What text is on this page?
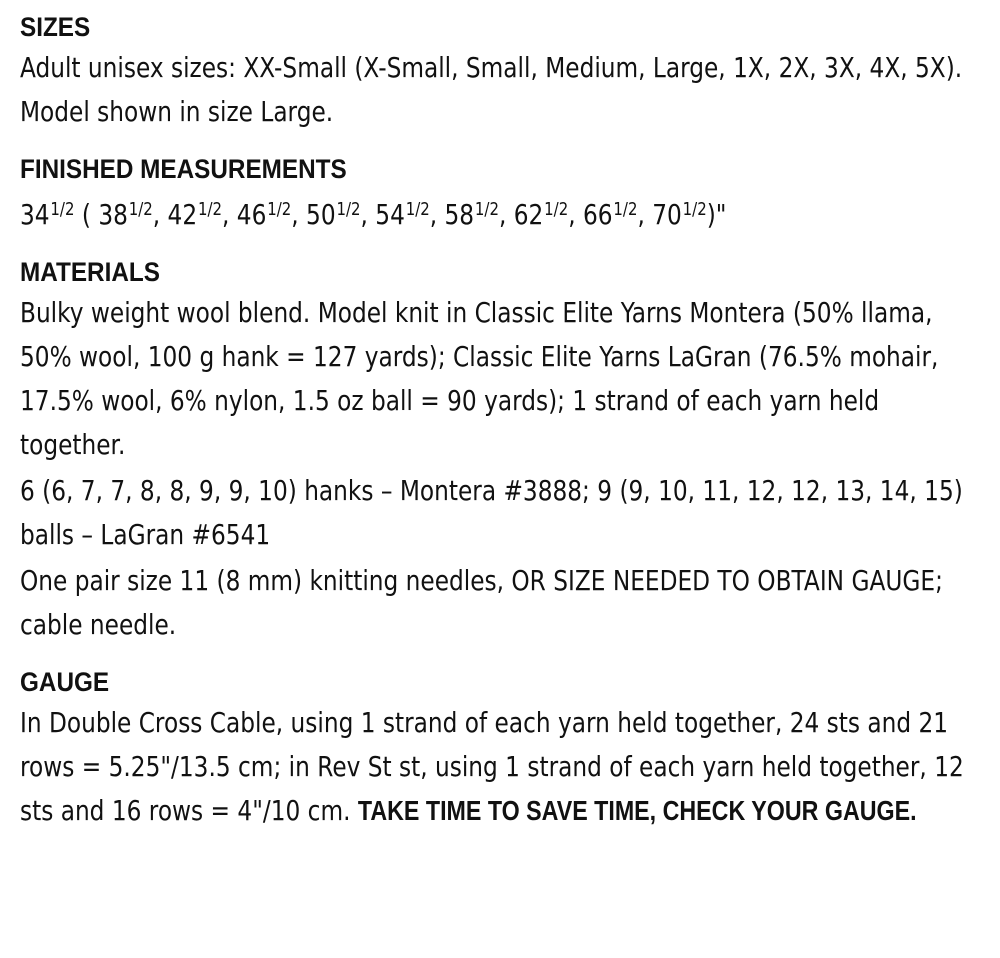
SIZES
Adult unisex sizes: XX-Small (X-Small, Small, Medium, Large, 1X, 2X, 3X, 4X, 5X). Model shown in size Large.
FINISHED MEASUREMENTS
$34^{1/2}$ ( $38^{1/2}$, $42^{1/2}$, $46^{1/2}$, $50^{1/2}$, $54^{1/2}$, $58^{1/2}$, $62^{1/2}$, $66^{1/2}$, $70^{1/2}$)"
MATERIALS
Bulky weight wool blend. Model knit in Classic Elite Yarns Montera (50% llama, 50% wool, 100 g hank = 127 yards); Classic Elite Yarns LaGran (76.5% mohair, 17.5% wool, 6% nylon, 1.5 oz ball = 90 yards); 1 strand of each yarn held together.
6 (6, 7, 7, 8, 8, 9, 9, 10) hanks – Montera #3888; 9 (9, 10, 11, 12, 12, 13, 14, 15)
balls – LaGran #6541
One pair size 11 (8 mm) knitting needles, OR SIZE NEEDED TO OBTAIN GAUGE; cable needle.
GAUGE
In Double Cross Cable, using 1 strand of each yarn held together, 24 sts and 21 rows = 5.25"/13.5 cm; in Rev St st, using 1 strand of each yarn held together, 12 sts and 16 rows = 4"/10 cm. TAKE TIME TO SAVE TIME, CHECK YOUR GAUGE.
